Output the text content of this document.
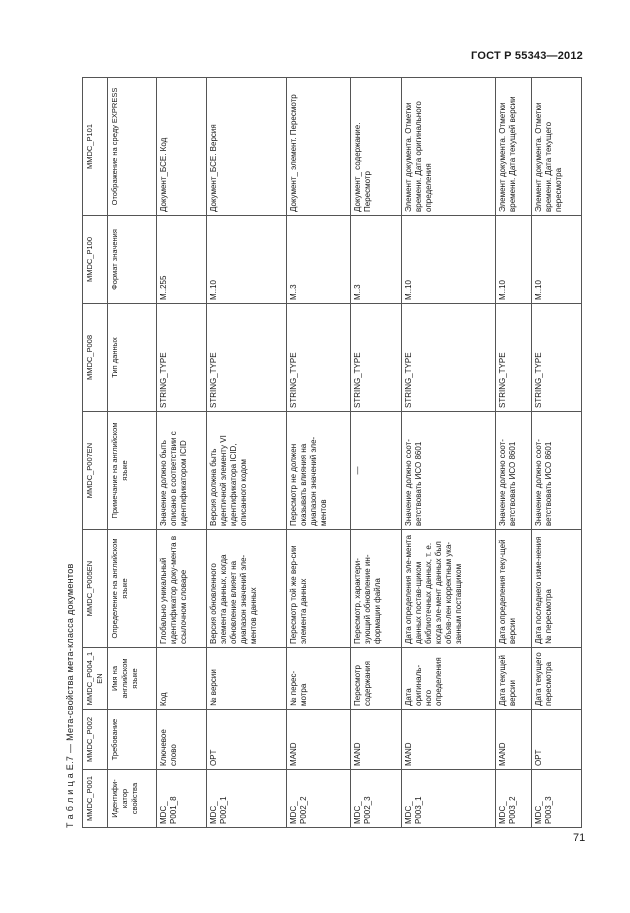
ГОСТ Р 55343—2012
Т а б л и ц а Е.7 — Мета-свойства мета-класса документов	MMDC_P001	MMDC_P002	MMDC_P004_1EN	MMDC_P005EN	MMDC_P007EN	MMDC_P008	MMDC_P100	MMDC_P101
Идентифи-катор свойства	Требование	Имя на английском языке	Определение на английском языке	Примечание на английском языке	Тип данных	Формат значения	Отображение на среду EXPRESS
MDC_ P001_8	Ключевое слово	Код	Глобально уникальный идентификатор доку-мента в ссылочном словаре	Значение должно быть описано в соответствии с идентификатором ICID	STRING_TYPE	M..255	Документ_БСЕ. Код
MDC_ P002_1	OPT	№ версии	Версия обновленного элемента данных, когда обновление влияет на диапазон значений эле-ментов данных	Версия должна быть идентичной элементу VI идентификатора ICID, описанного кодом	STRING_TYPE	M..10	Документ_БСЕ. Версия
MDC_ P002_2	MAND	№ перес-мотра	Пересмотр той же вер-сии элемента данных	Пересмотр не должен оказывать влияния на диапазон значений эле-ментов	STRING_TYPE	M..3	Документ_ элемент. Пересмотр
MDC_ P002_3	MAND	Пересмотр содержания	Пересмотр, характери-зующий обновление ин-формации файла	—	STRING_TYPE	M..3	Документ_ содержание. Пересмотр
MDC_ P003_1	MAND	Дата оригиналь-ного определения	Дата определения эле-мента данных постав-щиком библиотечных данных, т. е. когда эле-мент данных был объяв-лен корректным ука-занным поставщиком	Значение должно соот-ветствовать ИСО 8601	STRING_TYPE	M..10	Элемент документа. Отметки времени. Дата оригинального определения
MDC_ P003_2	MAND	Дата текущей версии	Дата определения теку-щей версии	Значение должно соот-ветствовать ИСО 8601	STRING_TYPE	M..10	Элемент документа. Отметки времени. Дата текущей версии
MDC_ P003_3	OPT	Дата текущего пересмотра	Дата последнего изме-нения № пересмотра	Значение должно соот-ветствовать ИСО 8601	STRING_TYPE	M..10	Элемент документа. Отметки времени. Дата текущего пересмотра
71
